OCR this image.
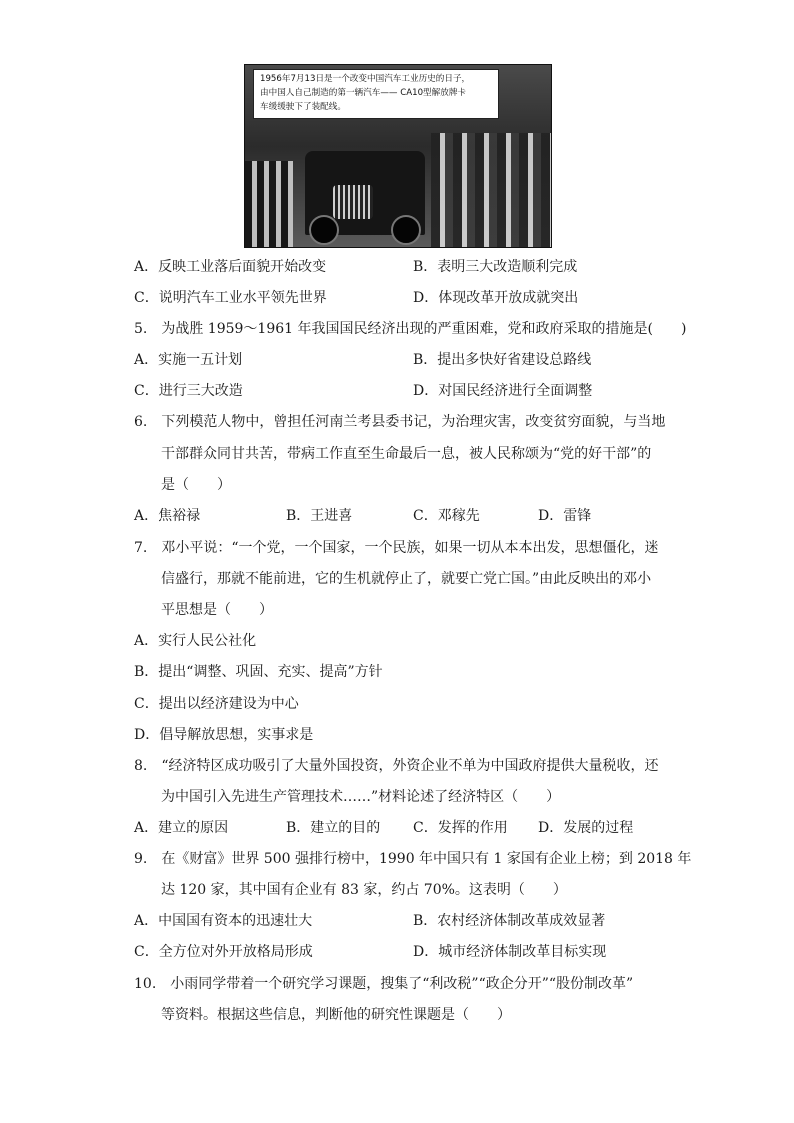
1956年7月13日是一个改变中国汽车工业历史的日子，
由中国人自己制造的第一辆汽车—— CA10型解放牌卡
车缓缓驶下了装配线。
A．反映工业落后面貌开始改变	B．表明三大改造顺利完成
C．说明汽车工业水平领先世界	D．体现改革开放成就突出
5.　为战胜 1959～1961 年我国国民经济出现的严重困难，党和政府采取的措施是(　　)
A．实施一五计划	B．提出多快好省建设总路线
C．进行三大改造	D．对国民经济进行全面调整
6.　下列模范人物中，曾担任河南兰考县委书记，为治理灾害，改变贫穷面貌，与当地
干部群众同甘共苦，带病工作直至生命最后一息，被人民称颂为“党的好干部”的
是（　　）
A．焦裕禄	B．王进喜	C．邓稼先	D．雷锋
7.　邓小平说：“一个党，一个国家，一个民族，如果一切从本本出发，思想僵化，迷
信盛行，那就不能前进，它的生机就停止了，就要亡党亡国。”由此反映出的邓小
平思想是（　　）
A．实行人民公社化
B．提出“调整、巩固、充实、提高”方针
C．提出以经济建设为中心
D．倡导解放思想，实事求是
8.　“经济特区成功吸引了大量外国投资，外资企业不单为中国政府提供大量税收，还
为中国引入先进生产管理技术……”材料论述了经济特区（　　）
A．建立的原因	B．建立的目的 C．发挥的作用 D．发展的过程
9.　在《财富》世界 500 强排行榜中，1990 年中国只有 1 家国有企业上榜；到 2018 年
达 120 家，其中国有企业有 83 家，约占 70%。这表明（　　）
A．中国国有资本的迅速壮大	B．农村经济体制改革成效显著
C．全方位对外开放格局形成	D．城市经济体制改革目标实现
10.　小雨同学带着一个研究学习课题，搜集了“利改税”“政企分开”“股份制改革”
等资料。根据这些信息，判断他的研究性课题是（　　）
